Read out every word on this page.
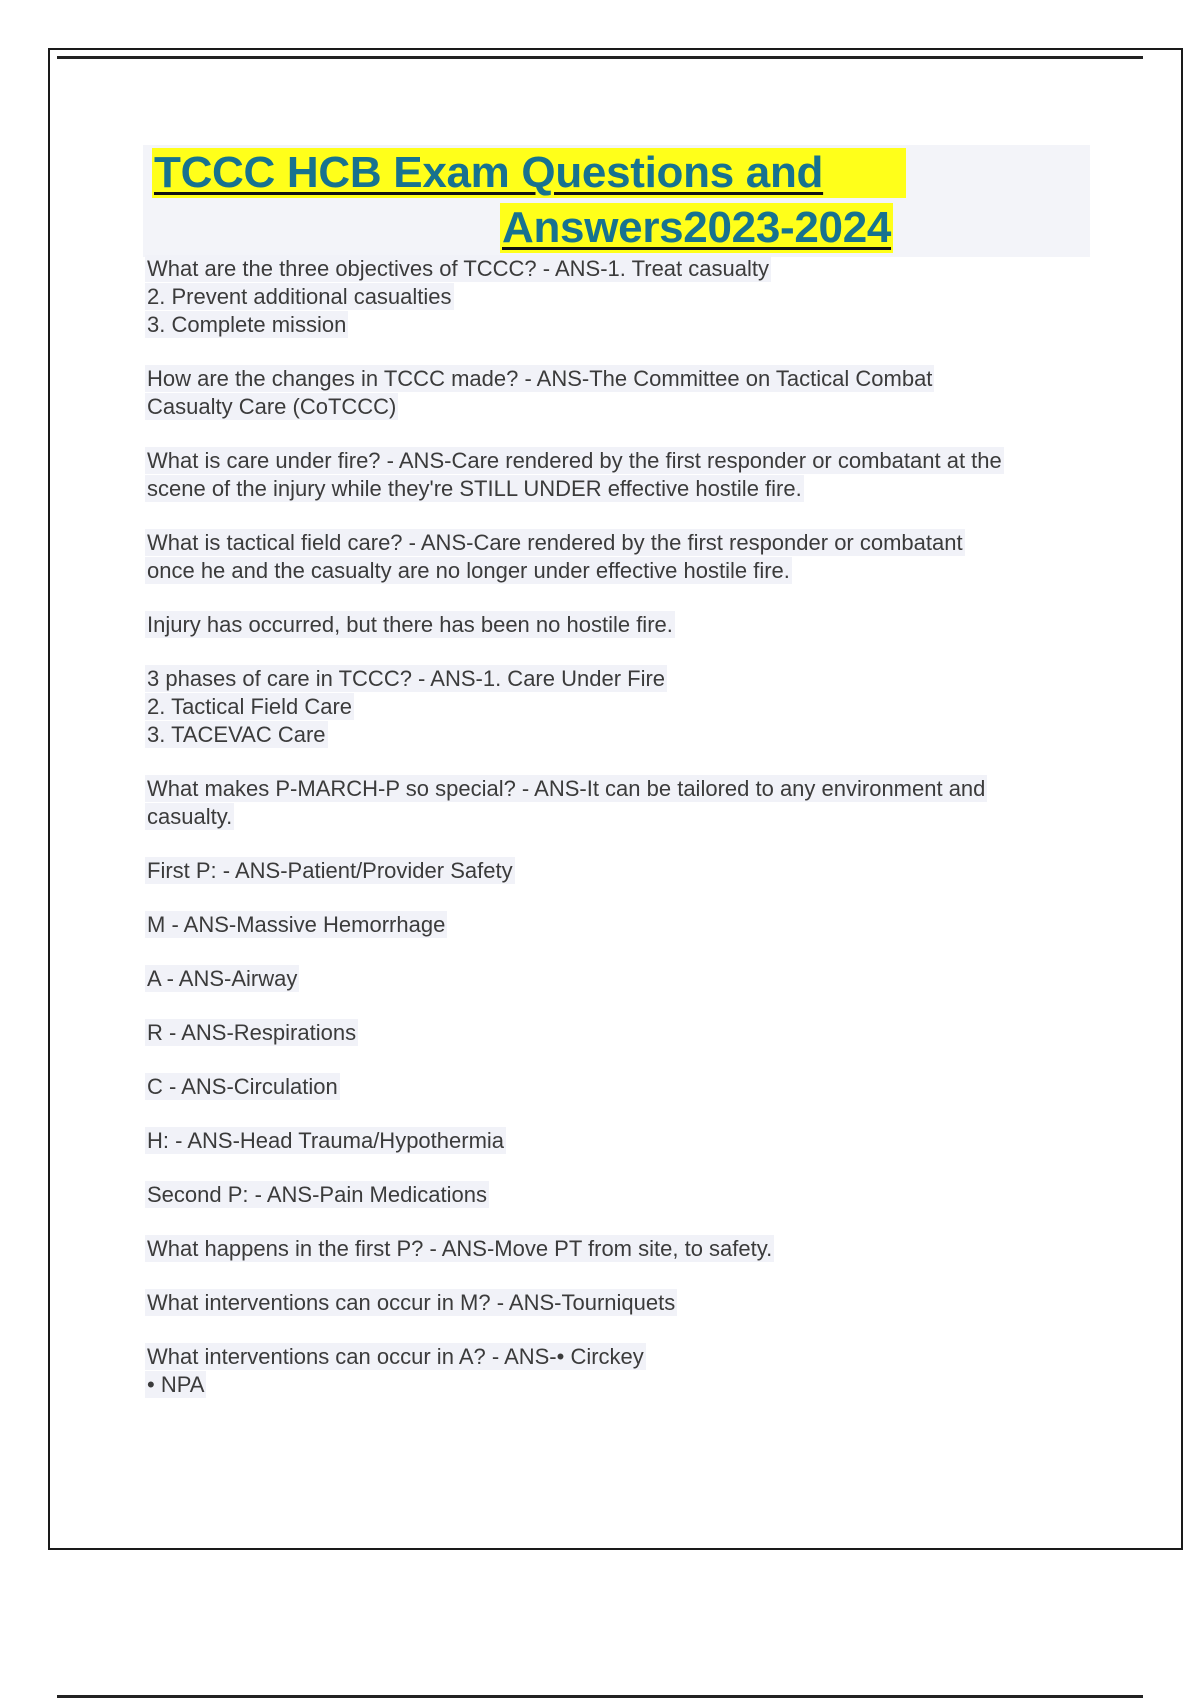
TCCC HCB Exam Questions and
Answers2023-2024
What are the three objectives of TCCC? - ANS-1. Treat casualty
2. Prevent additional casualties
3. Complete mission
How are the changes in TCCC made? - ANS-The Committee on Tactical Combat
Casualty Care (CoTCCC)
What is care under fire? - ANS-Care rendered by the first responder or combatant at the
scene of the injury while they're STILL UNDER effective hostile fire.
What is tactical field care? - ANS-Care rendered by the first responder or combatant
once he and the casualty are no longer under effective hostile fire.
Injury has occurred, but there has been no hostile fire.
3 phases of care in TCCC? - ANS-1. Care Under Fire
2. Tactical Field Care
3. TACEVAC Care
What makes P-MARCH-P so special? - ANS-It can be tailored to any environment and
casualty.
First P: - ANS-Patient/Provider Safety
M - ANS-Massive Hemorrhage
A - ANS-Airway
R - ANS-Respirations
C - ANS-Circulation
H: - ANS-Head Trauma/Hypothermia
Second P: - ANS-Pain Medications
What happens in the first P? - ANS-Move PT from site, to safety.
What interventions can occur in M? - ANS-Tourniquets
What interventions can occur in A? - ANS-• Circkey
• NPA
